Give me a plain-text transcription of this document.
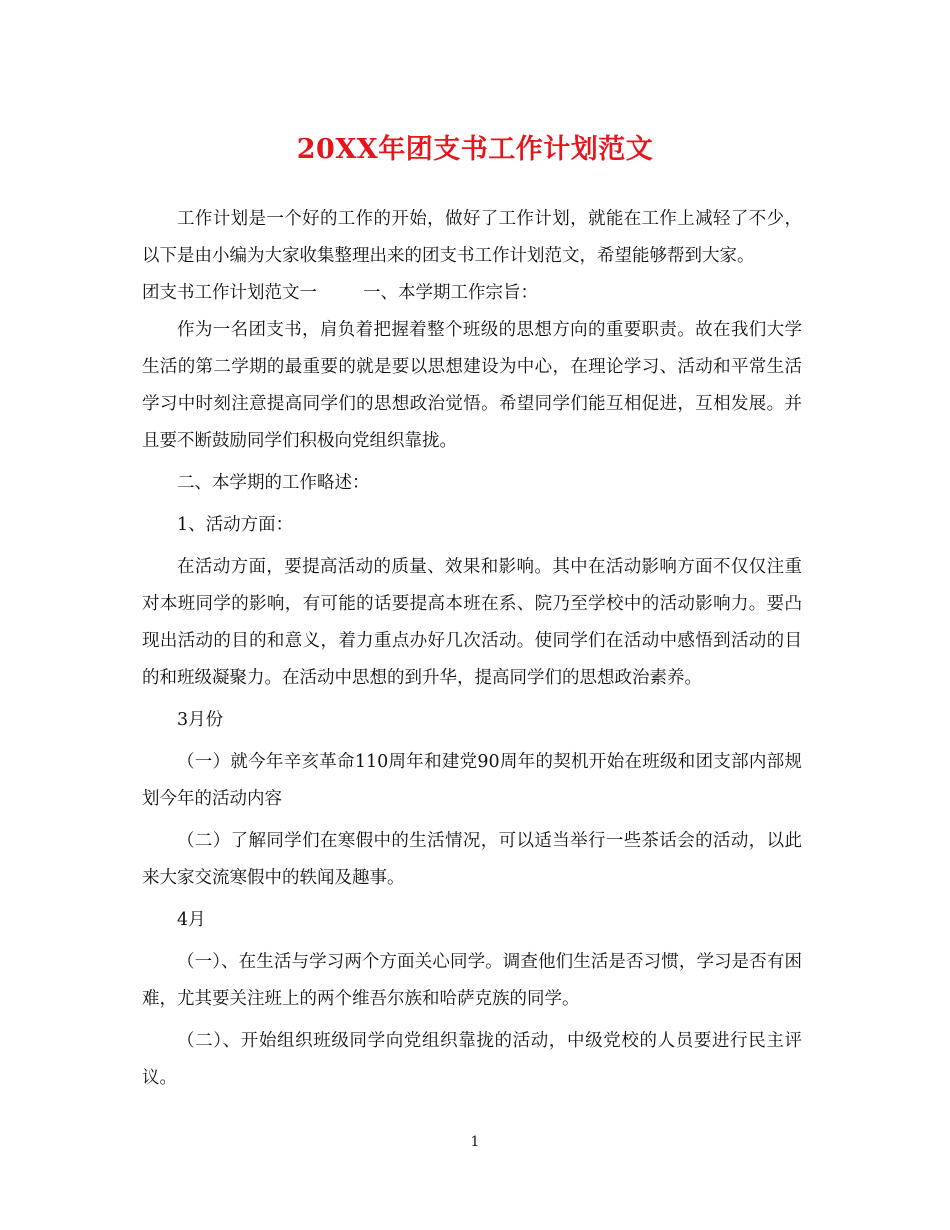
20XX年团支书工作计划范文

工作计划是一个好的工作的开始，做好了工作计划，就能在工作上减轻了不少，以下是由小编为大家收集整理出来的团支书工作计划范文，希望能够帮到大家。

团支书工作计划范文一	一、本学期工作宗旨：

作为一名团支书，肩负着把握着整个班级的思想方向的重要职责。故在我们大学生活的第二学期的最重要的就是要以思想建设为中心，在理论学习、活动和平常生活学习中时刻注意提高同学们的思想政治觉悟。希望同学们能互相促进，互相发展。并且要不断鼓励同学们积极向党组织靠拢。

二、本学期的工作略述：

1、活动方面：

在活动方面，要提高活动的质量、效果和影响。其中在活动影响方面不仅仅注重对本班同学的影响，有可能的话要提高本班在系、院乃至学校中的活动影响力。要凸现出活动的目的和意义，着力重点办好几次活动。使同学们在活动中感悟到活动的目的和班级凝聚力。在活动中思想的到升华，提高同学们的思想政治素养。

3月份

（一）就今年辛亥革命110周年和建党90周年的契机开始在班级和团支部内部规划今年的活动内容

（二）了解同学们在寒假中的生活情况，可以适当举行一些茶话会的活动，以此来大家交流寒假中的轶闻及趣事。

4月

（一）、在生活与学习两个方面关心同学。调查他们生活是否习惯，学习是否有困难，尤其要关注班上的两个维吾尔族和哈萨克族的同学。

（二）、开始组织班级同学向党组织靠拢的活动，中级党校的人员要进行民主评议。

1
